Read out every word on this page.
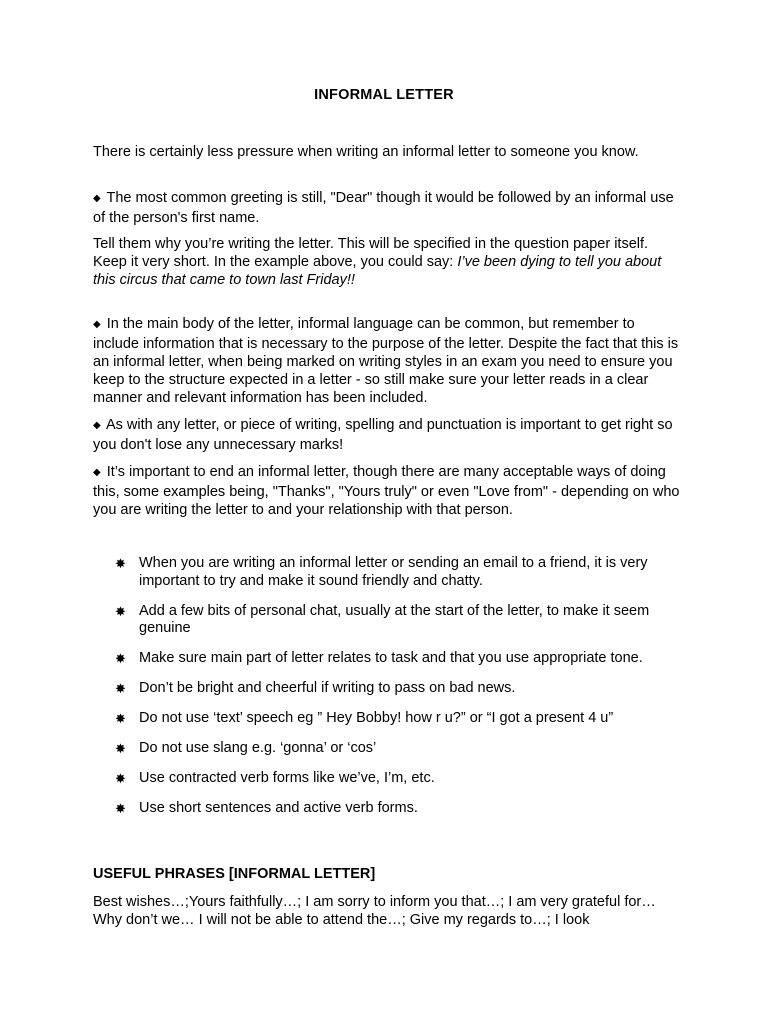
INFORMAL LETTER
There is certainly less pressure when writing an informal letter to someone you know.
◆ The most common greeting is still, "Dear" though it would be followed by an informal use of the person's first name.
Tell them why you’re writing the letter. This will be specified in the question paper itself. Keep it very short. In the example above, you could say: I’ve been dying to tell you about this circus that came to town last Friday!!
◆ In the main body of the letter, informal language can be common, but remember to include information that is necessary to the purpose of the letter. Despite the fact that this is an informal letter, when being marked on writing styles in an exam you need to ensure you keep to the structure expected in a letter - so still make sure your letter reads in a clear manner and relevant information has been included.
◆ As with any letter, or piece of writing, spelling and punctuation is important to get right so you don't lose any unnecessary marks!
◆ It’s important to end an informal letter, though there are many acceptable ways of doing this, some examples being, "Thanks", "Yours truly" or even "Love from" - depending on who you are writing the letter to and your relationship with that person.
✸ When you are writing an informal letter or sending an email to a friend, it is very important to try and make it sound friendly and chatty.
✸ Add a few bits of personal chat, usually at the start of the letter, to make it seem genuine
✸ Make sure main part of letter relates to task and that you use appropriate tone.
✸ Don’t be bright and cheerful if writing to pass on bad news.
✸ Do not use ‘text’ speech eg ” Hey Bobby! how r u?” or “I got a present 4 u”
✸ Do not use slang e.g. ‘gonna’ or ‘cos’
✸ Use contracted verb forms like we’ve, I’m, etc.
✸ Use short sentences and active verb forms.
USEFUL PHRASES [INFORMAL LETTER]
Best wishes…;Yours faithfully…; I am sorry to inform you that…; I am very grateful for… Why don’t we… I will not be able to attend the…; Give my regards to…; I look
